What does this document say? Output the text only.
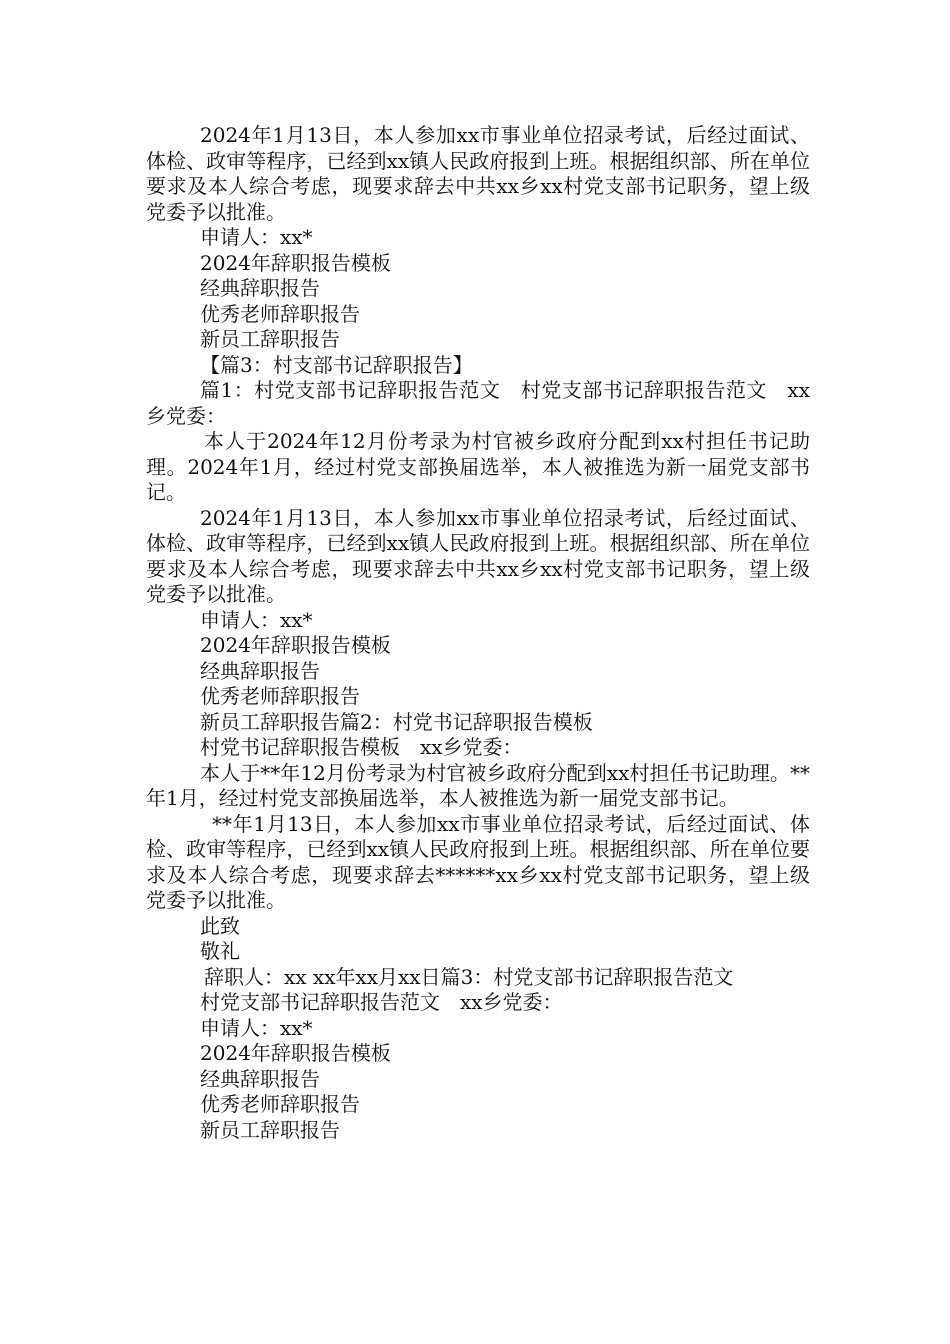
2024年1月13日，本人参加xx市事业单位招录考试，后经过面试、体检、政审等程序，已经到xx镇人民政府报到上班。根据组织部、所在单位要求及本人综合考虑，现要求辞去中共xx乡xx村党支部书记职务，望上级党委予以批准。
申请人：xx*
2024年辞职报告模板
经典辞职报告
优秀老师辞职报告
新员工辞职报告
【篇3：村支部书记辞职报告】
篇1：村党支部书记辞职报告范文　村党支部书记辞职报告范文　xx乡党委：
本人于2024年12月份考录为村官被乡政府分配到xx村担任书记助理。2024年1月，经过村党支部换届选举，本人被推选为新一届党支部书记。
2024年1月13日，本人参加xx市事业单位招录考试，后经过面试、体检、政审等程序，已经到xx镇人民政府报到上班。根据组织部、所在单位要求及本人综合考虑，现要求辞去中共xx乡xx村党支部书记职务，望上级党委予以批准。
申请人：xx*
2024年辞职报告模板
经典辞职报告
优秀老师辞职报告
新员工辞职报告篇2：村党书记辞职报告模板
村党书记辞职报告模板　xx乡党委：
本人于**年12月份考录为村官被乡政府分配到xx村担任书记助理。**年1月，经过村党支部换届选举，本人被推选为新一届党支部书记。
**年1月13日，本人参加xx市事业单位招录考试，后经过面试、体检、政审等程序，已经到xx镇人民政府报到上班。根据组织部、所在单位要求及本人综合考虑，现要求辞去******xx乡xx村党支部书记职务，望上级党委予以批准。
此致
敬礼
辞职人：xx xx年xx月xx日篇3：村党支部书记辞职报告范文
村党支部书记辞职报告范文　xx乡党委：
申请人：xx*
2024年辞职报告模板
经典辞职报告
优秀老师辞职报告
新员工辞职报告
